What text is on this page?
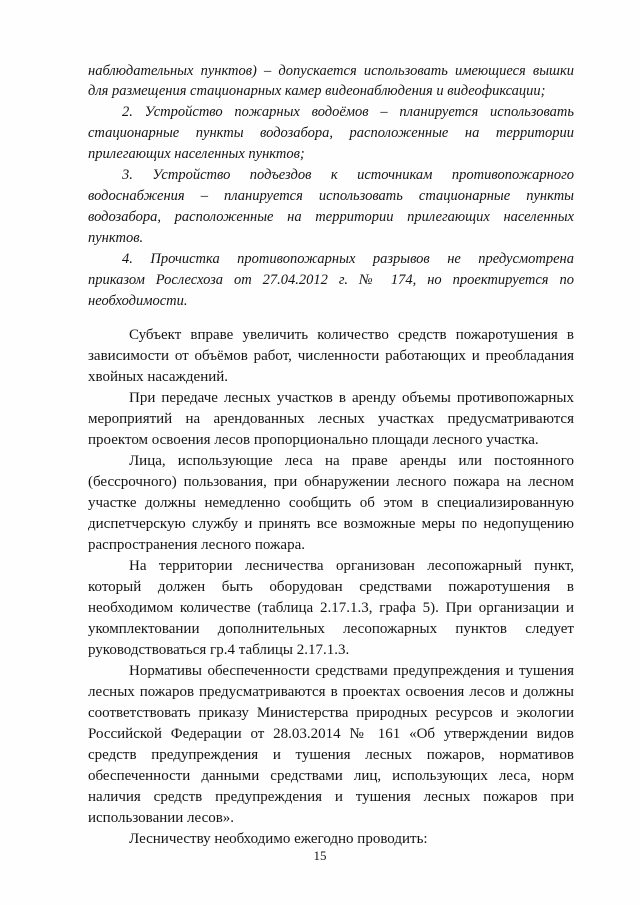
наблюдательных пунктов) – допускается использовать имеющиеся вышки
для размещения стационарных камер видеонаблюдения и видеофиксации;
2. Устройство пожарных водоёмов – планируется использовать
стационарные пункты водозабора, расположенные на территории
прилегающих населенных пунктов;
3. Устройство подъездов к источникам противопожарного
водоснабжения – планируется использовать стационарные пункты
водозабора, расположенные на территории прилегающих населенных
пунктов.
4. Прочистка противопожарных разрывов не предусмотрена
приказом Рослесхоза от 27.04.2012 г. № 174, но проектируется по
необходимости.
Субъект вправе увеличить количество средств пожаротушения в
зависимости от объёмов работ, численности работающих и преобладания
хвойных насаждений.
При передаче лесных участков в аренду объемы противопожарных
мероприятий на арендованных лесных участках предусматриваются
проектом освоения лесов пропорционально площади лесного участка.
Лица, использующие леса на праве аренды или постоянного
(бессрочного) пользования, при обнаружении лесного пожара на лесном
участке должны немедленно сообщить об этом в специализированную
диспетчерскую службу и принять все возможные меры по недопущению
распространения лесного пожара.
На территории лесничества организован лесопожарный пункт,
который должен быть оборудован средствами пожаротушения в
необходимом количестве (таблица 2.17.1.3, графа 5). При организации и
укомплектовании дополнительных лесопожарных пунктов следует
руководствоваться гр.4 таблицы 2.17.1.3.
Нормативы обеспеченности средствами предупреждения и тушения
лесных пожаров предусматриваются в проектах освоения лесов и должны
соответствовать приказу Министерства природных ресурсов и экологии
Российской Федерации от 28.03.2014 № 161 «Об утверждении видов
средств предупреждения и тушения лесных пожаров, нормативов
обеспеченности данными средствами лиц, использующих леса, норм
наличия средств предупреждения и тушения лесных пожаров при
использовании лесов».
Лесничеству необходимо ежегодно проводить:
15
